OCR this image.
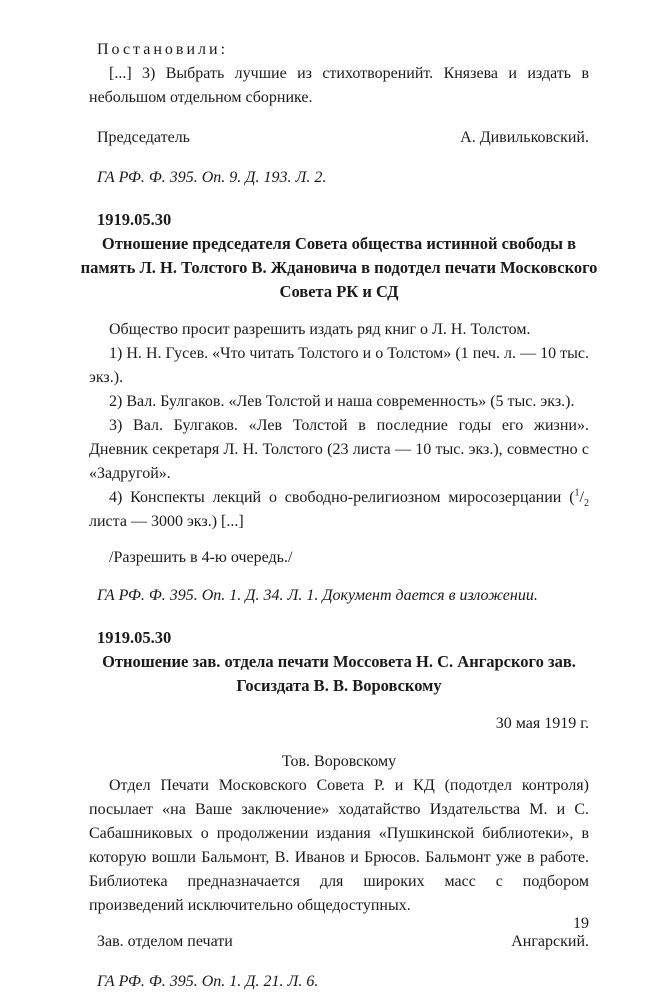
Постановили:

[...] 3) Выбрать лучшие из стихотворенийт. Князева и издать в небольшом отдельном сборнике.

Председатель	А. Дивильковский.

ГА РФ. Ф. 395. Оп. 9. Д. 193. Л. 2.

1919.05.30

Отношение председателя Совета общества истинной свободы в память Л. Н. Толстого В. Ждановича в подотдел печати Московского Совета РК и СД

Общество просит разрешить издать ряд книг о Л. Н. Толстом.

1) Н. Н. Гусев. «Что читать Толстого и о Толстом» (1 печ. л. — 10 тыс. экз.).

2) Вал. Булгаков. «Лев Толстой и наша современность» (5 тыс. экз.).

3) Вал. Булгаков. «Лев Толстой в последние годы его жизни». Дневник секретаря Л. Н. Толстого (23 листа — 10 тыс. экз.), совместно с «Задругой».

4) Конспекты лекций о свободно-религиозном миросозерцании ($^1/_2$ листа — 3000 экз.) [...]

/Разрешить в 4-ю очередь./

ГА РФ. Ф. 395. Оп. 1. Д. 34. Л. 1. Документ дается в изложении.

1919.05.30

Отношение зав. отдела печати Моссовета Н. С. Ангарского зав. Госиздата В. В. Воровскому

30 мая 1919 г.

Тов. Воровскому

Отдел Печати Московского Совета Р. и КД (подотдел контроля) посылает «на Ваше заключение» ходатайство Издательства М. и С. Сабашниковых о продолжении издания «Пушкинской библиотеки», в которую вошли Бальмонт, В. Иванов и Брюсов. Бальмонт уже в работе. Библиотека предназначается для широких масс с подбором произведений исключительно общедоступных.

Зав. отделом печати	Ангарский.

ГА РФ. Ф. 395. Оп. 1. Д. 21. Л. 6.

19
